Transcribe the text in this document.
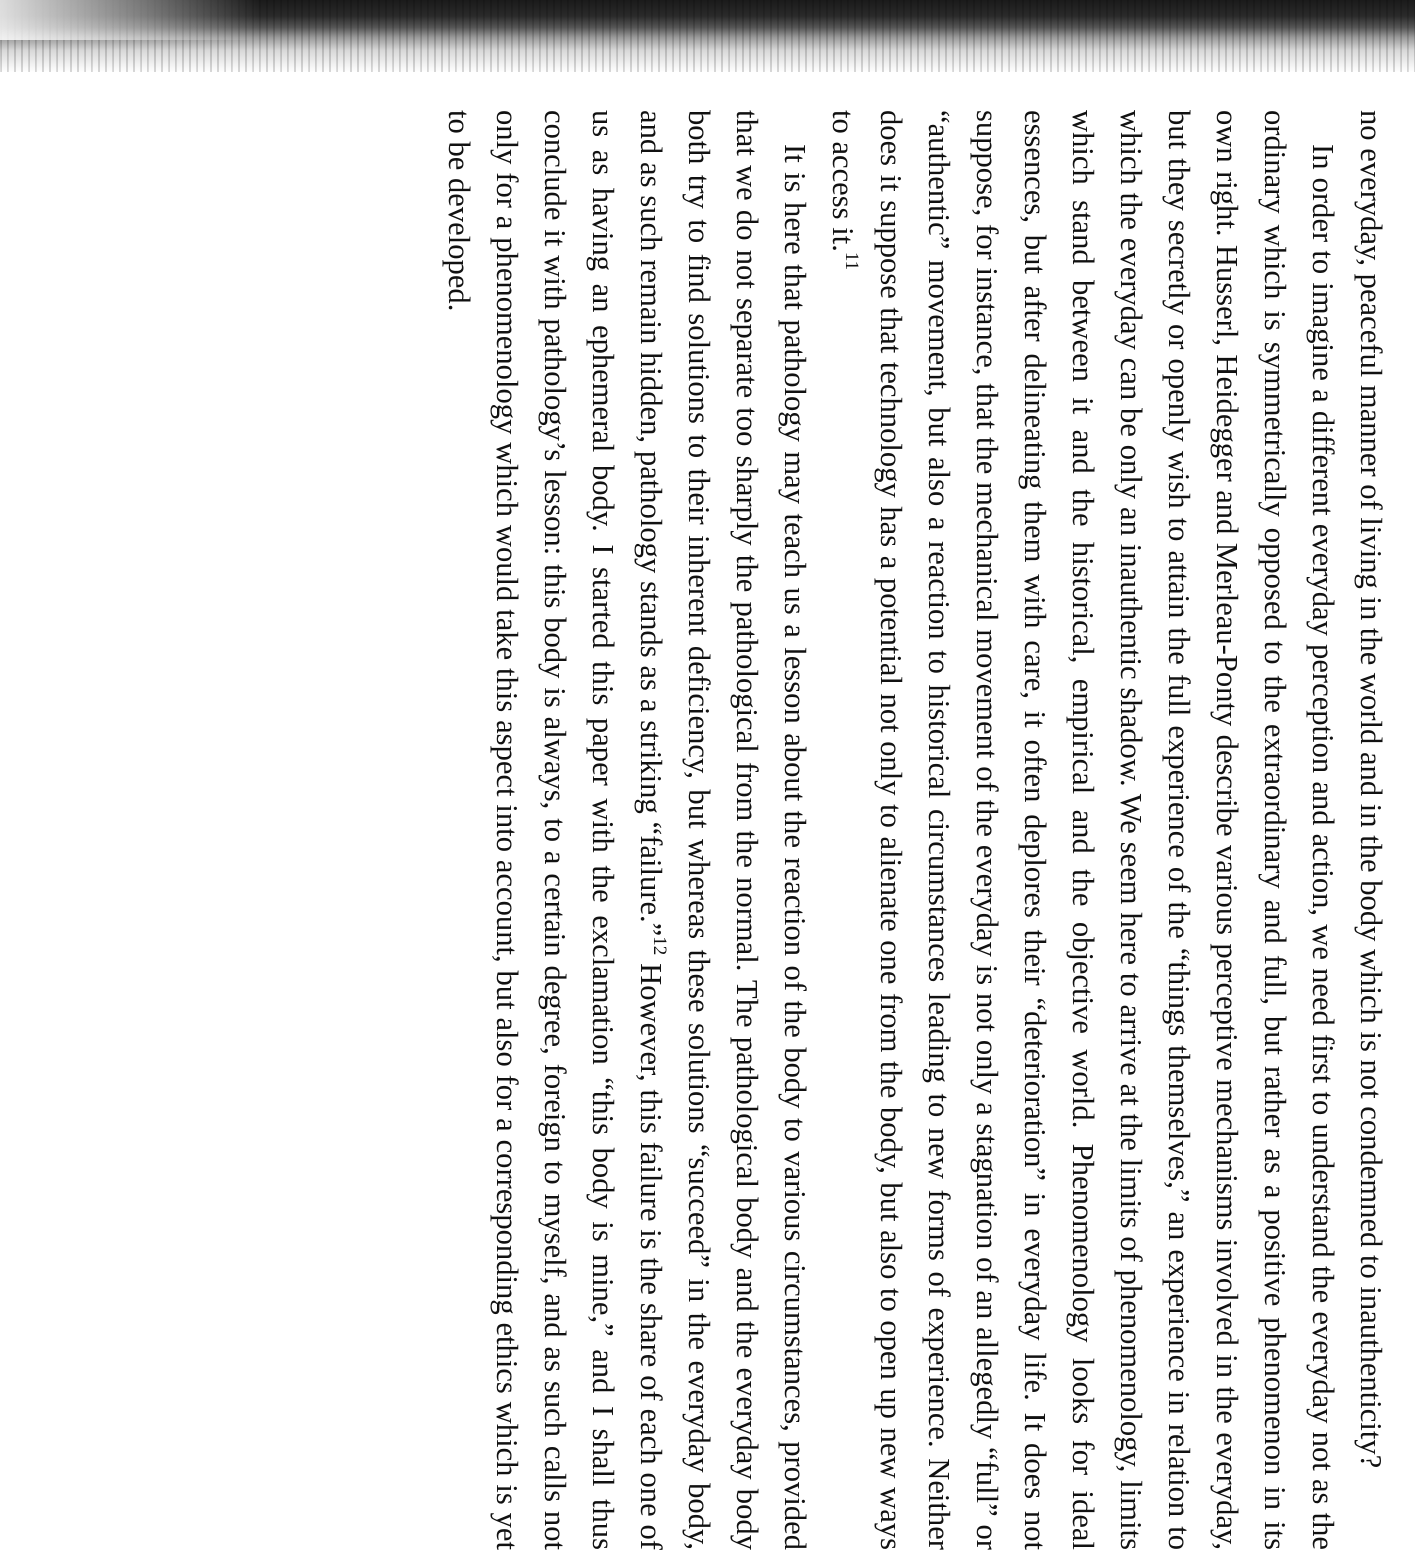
no everyday, peaceful manner of living in the world and in the body which is not condemned to inauthenticity?

In order to imagine a different everyday perception and action, we need first to understand the everyday not as the ordinary which is symmetrically opposed to the extraordinary and full, but rather as a positive phenomenon in its own right. Husserl, Heidegger and Merleau-Ponty describe various perceptive mechanisms involved in the everyday, but they secretly or openly wish to attain the full experience of the “things themselves,” an experience in relation to which the everyday can be only an inauthentic shadow. We seem here to arrive at the limits of phenomenology, limits which stand between it and the historical, empirical and the objective world. Phenomenology looks for ideal essences, but after delineating them with care, it often deplores their “deterioration” in everyday life. It does not suppose, for instance, that the mechanical movement of the everyday is not only a stagnation of an allegedly “full” or “authentic” movement, but also a reaction to historical circumstances leading to new forms of experience. Neither does it suppose that technology has a potential not only to alienate one from the body, but also to open up new ways to access it.$^{11}$

It is here that pathology may teach us a lesson about the reaction of the body to various circumstances, provided that we do not separate too sharply the pathological from the normal. The pathological body and the everyday body both try to find solutions to their inherent deficiency, but whereas these solutions “succeed” in the everyday body, and as such remain hidden, pathology stands as a striking “failure.”$^{12}$ However, this failure is the share of each one of us as having an ephemeral body. I started this paper with the exclamation “this body is mine,” and I shall thus conclude it with pathology’s lesson: this body is always, to a certain degree, foreign to myself, and as such calls not only for a phenomenology which would take this aspect into account, but also for a corresponding ethics which is yet to be developed.
